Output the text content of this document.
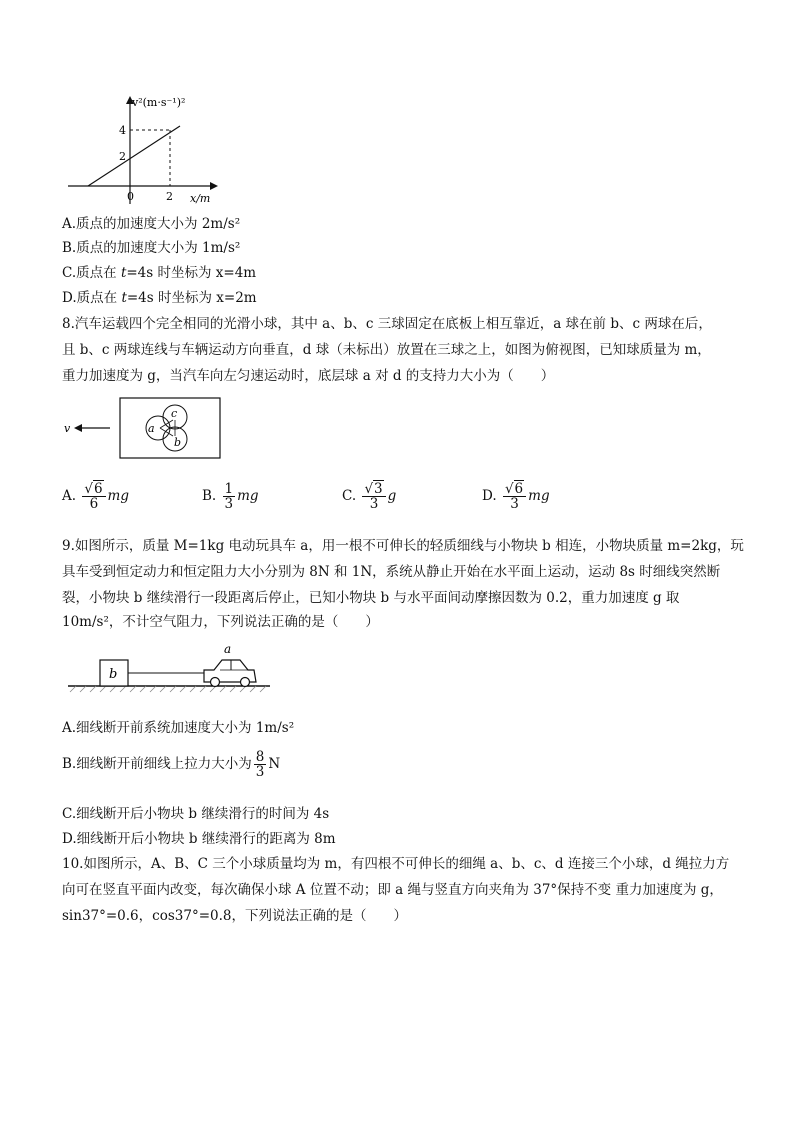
v²(m·s⁻¹)²
4
2
0	2 x/m
A.质点的加速度大小为 2m/s²
B.质点的加速度大小为 1m/s²
C.质点在 t=4s 时坐标为 x=4m
D.质点在 t=4s 时坐标为 x=2m
8.汽车运载四个完全相同的光滑小球，其中 a、b、c 三球固定在底板上相互靠近，a 球在前 b、c 两球在后，
且 b、c 两球连线与车辆运动方向垂直，d 球（未标出）放置在三球之上，如图为俯视图，已知球质量为 m，
重力加速度为 g，当汽车向左匀速运动时，底层球 a 对 d 的支持力大小为（　　）
v	a
c
b
A. $\frac{√6}{6}$ mg	B. $\frac{1}{3}$ mg	C. $\frac{√3}{3}$ g	D. $\frac{√6}{3}$ mg
9.如图所示，质量 M=1kg 电动玩具车 a，用一根不可伸长的轻质细线与小物块 b 相连，小物块质量 m=2kg，玩
具车受到恒定动力和恒定阻力大小分别为 8N 和 1N，系统从静止开始在水平面上运动，运动 8s 时细线突然断
裂，小物块 b 继续滑行一段距离后停止，已知小物块 b 与水平面间动摩擦因数为 0.2，重力加速度 g 取
10m/s²，不计空气阻力，下列说法正确的是（　　）
b
a
A.细线断开前系统加速度大小为 1m/s²
B.细线断开前细线上拉力大小为 $\frac{8}{3}$ N
C.细线断开后小物块 b 继续滑行的时间为 4s
D.细线断开后小物块 b 继续滑行的距离为 8m
10.如图所示，A、B、C 三个小球质量均为 m，有四根不可伸长的细绳 a、b、c、d 连接三个小球，d 绳拉力方
向可在竖直平面内改变，每次确保小球 A 位置不动；即 a 绳与竖直方向夹角为 37°保持不变 重力加速度为 g，
sin37°=0.6，cos37°=0.8，下列说法正确的是（　　）
